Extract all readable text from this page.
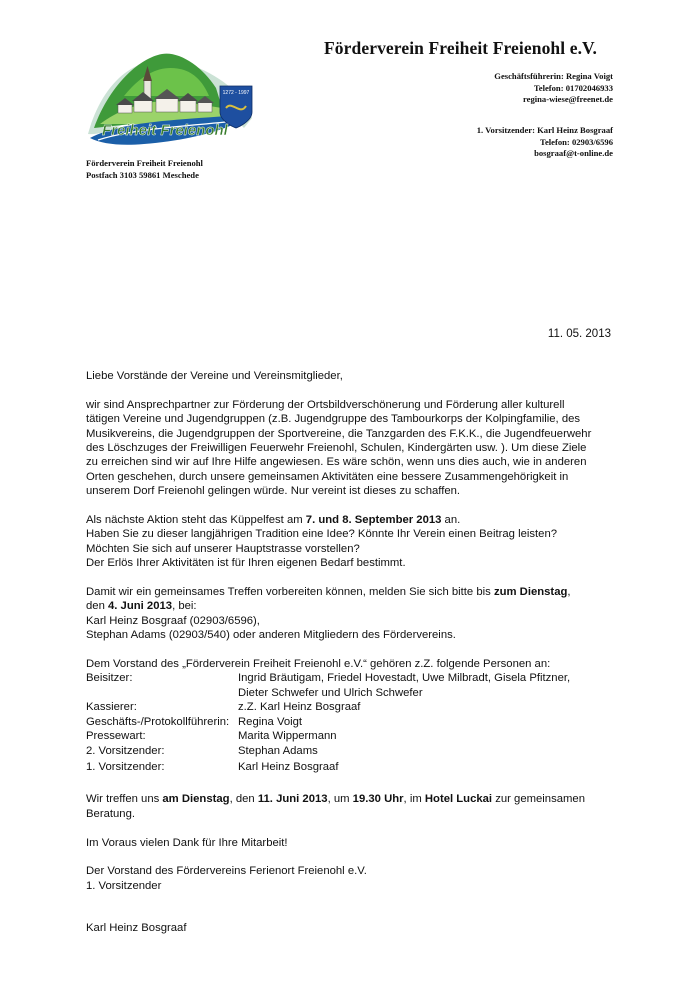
1272 - 1997
Freiheit Freienohl
Förderverein Freiheit Freienohl e.V.
Geschäftsführerin: Regina Voigt
Telefon: 01702046933
regina-wiese@freenet.de
1. Vorsitzender: Karl Heinz Bosgraaf
Telefon: 02903/6596
bosgraaf@t-online.de
Förderverein Freiheit Freienohl
Postfach 3103 59861 Meschede
11. 05. 2013

Liebe Vorstände der Vereine und Vereinsmitglieder,

wir sind Ansprechpartner zur Förderung der Ortsbildverschönerung und Förderung aller kulturell

tätigen Vereine und Jugendgruppen (z.B. Jugendgruppe des Tambourkorps der Kolpingfamilie, des

Musikvereins, die Jugendgruppen der Sportvereine, die Tanzgarden des F.K.K., die Jugendfeuerwehr

des Löschzuges der Freiwilligen Feuerwehr Freienohl, Schulen, Kindergärten usw. ). Um diese Ziele

zu erreichen sind wir auf Ihre Hilfe angewiesen. Es wäre schön, wenn uns dies auch, wie in anderen

Orten geschehen, durch unsere gemeinsamen Aktivitäten eine bessere Zusammengehörigkeit in

unserem Dorf Freienohl gelingen würde. Nur vereint ist dieses zu schaffen.

Als nächste Aktion steht das Küppelfest am 7. und 8. September 2013 an.

Haben Sie zu dieser langjährigen Tradition eine Idee? Könnte Ihr Verein einen Beitrag leisten?

Möchten Sie sich auf unserer Hauptstrasse vorstellen?

Der Erlös Ihrer Aktivitäten ist für Ihren eigenen Bedarf bestimmt.

Damit wir ein gemeinsames Treffen vorbereiten können, melden Sie sich bitte bis zum Dienstag,

den 4. Juni 2013, bei:

Karl Heinz Bosgraaf (02903/6596),

Stephan Adams (02903/540) oder anderen Mitgliedern des Fördervereins.

Dem Vorstand des „Förderverein Freiheit Freienohl e.V.“ gehören z.Z. folgende Personen an:

Beisitzer:	Ingrid Bräutigam, Friedel Hovestadt, Uwe Milbradt, Gisela Pfitzner,
Dieter Schwefer und Ulrich Schwefer

Kassierer:	z.Z. Karl Heinz Bosgraaf
Geschäfts-/Protokollführerin:	Regina Voigt
Pressewart:	Marita Wippermann
2. Vorsitzender:	Stephan Adams
1. Vorsitzender:	Karl Heinz Bosgraaf

Wir treffen uns am Dienstag, den 11. Juni 2013, um 19.30 Uhr, im Hotel Luckai zur gemeinsamen

Beratung.

Im Voraus vielen Dank für Ihre Mitarbeit!

Der Vorstand des Fördervereins Ferienort Freienohl e.V.

1. Vorsitzender

Karl Heinz Bosgraaf
